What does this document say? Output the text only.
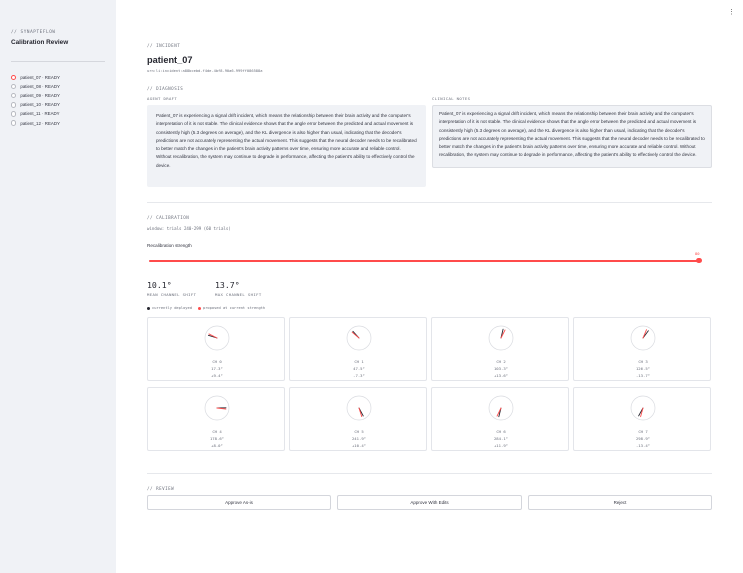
// SYNAPTEFLOW
Calibration Review
patient_07 · READY
patient_08 · READY
patient_09 · READY
patient_10 · READY
patient_11 · READY
patient_12 · READY
⋮
// INCIDENT
patient_07
urn:li:incident:a88bcebd-f4de-4bf8-90a6-999ff086588a
// DIAGNOSIS
AGENT DRAFT	CLINICAL NOTES
Patient_07 is experiencing a signal drift incident, which means the relationship between their brain activity and the computer's interpretation of it is not stable. The clinical evidence shows that the angle error between the predicted and actual movement is consistently high (5.3 degrees on average), and the KL divergence is also higher than usual, indicating that the decoder's predictions are not accurately representing the actual movement. This suggests that the neural decoder needs to be recalibrated to better match the changes in the patient's brain activity patterns over time, ensuring more accurate and reliable control. Without recalibration, the system may continue to degrade in performance, affecting the patient's ability to effectively control the device.
Patient_07 is experiencing a signal drift incident, which means the relationship between their brain activity and the computer's interpretation of it is not stable. The clinical evidence shows that the angle error between the predicted and actual movement is consistently high (5.3 degrees on average), and the KL divergence is also higher than usual, indicating that the decoder's predictions are not accurately representing the actual movement. This suggests that the neural decoder needs to be recalibrated to better match the changes in the patient's brain activity patterns over time, ensuring more accurate and reliable control. Without recalibration, the system may continue to degrade in performance, affecting the patient's ability to effectively control the device.
// CALIBRATION
window: trials 240-299 (60 trials)
Recalibration strength
80
10.1°
MEAN CHANNEL SHIFT
13.7°
MAX CHANNEL SHIFT
currently deployed	proposed at current strength
CH 0
17.3°
+9.4°
CH 1
47.5°
-7.3°
CH 2
103.3°
+13.6°
CH 3
126.5°
-13.7°
CH 4
178.6°
+8.0°
CH 5
241.9°
+10.4°
CH 6
284.1°
+11.9°
CH 7
298.9°
-13.4°
// REVIEW
Approve As-is	Approve With Edits	Reject
